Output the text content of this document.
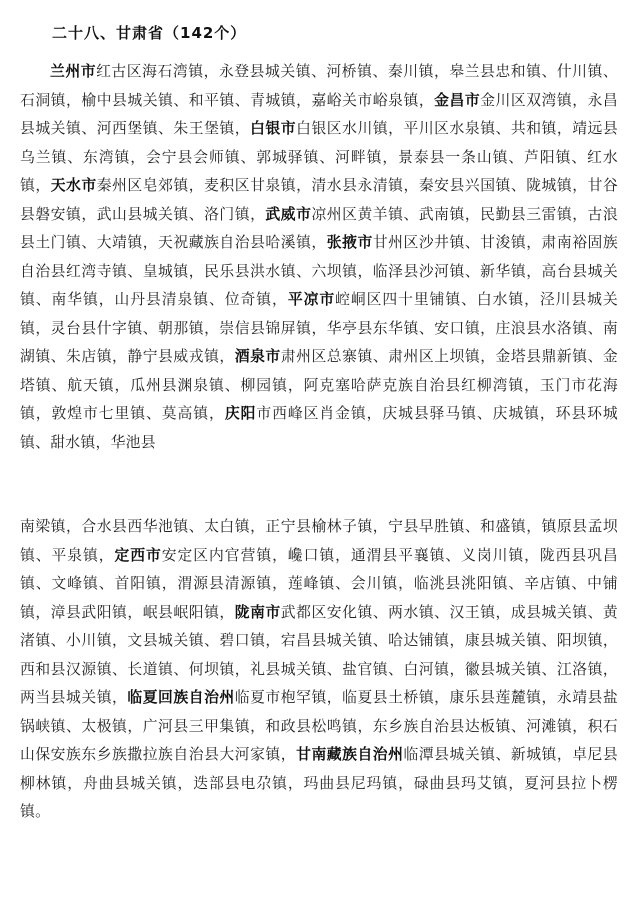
二十八、甘肃省（142个）

兰州市红古区海石湾镇，永登县城关镇、河桥镇、秦川镇，皋兰县忠和镇、什川镇、石洞镇，榆中县城关镇、和平镇、青城镇，嘉峪关市峪泉镇，金昌市金川区双湾镇，永昌县城关镇、河西堡镇、朱王堡镇，白银市白银区水川镇，平川区水泉镇、共和镇，靖远县乌兰镇、东湾镇，会宁县会师镇、郭城驿镇、河畔镇，景泰县一条山镇、芦阳镇、红水镇，天水市秦州区皂郊镇，麦积区甘泉镇，清水县永清镇，秦安县兴国镇、陇城镇，甘谷县磐安镇，武山县城关镇、洛门镇，武威市凉州区黄羊镇、武南镇，民勤县三雷镇，古浪县土门镇、大靖镇，天祝藏族自治县哈溪镇，张掖市甘州区沙井镇、甘浚镇，肃南裕固族自治县红湾寺镇、皇城镇，民乐县洪水镇、六坝镇，临泽县沙河镇、新华镇，高台县城关镇、南华镇，山丹县清泉镇、位奇镇，平凉市崆峒区四十里铺镇、白水镇，泾川县城关镇，灵台县什字镇、朝那镇，崇信县锦屏镇，华亭县东华镇、安口镇，庄浪县水洛镇、南湖镇、朱店镇，静宁县威戎镇，酒泉市肃州区总寨镇、肃州区上坝镇，金塔县鼎新镇、金塔镇、航天镇，瓜州县渊泉镇、柳园镇，阿克塞哈萨克族自治县红柳湾镇，玉门市花海镇，敦煌市七里镇、莫高镇，庆阳市西峰区肖金镇，庆城县驿马镇、庆城镇，环县环城镇、甜水镇，华池县

南梁镇，合水县西华池镇、太白镇，正宁县榆林子镇，宁县早胜镇、和盛镇，镇原县孟坝镇、平泉镇，定西市安定区内官营镇，巉口镇，通渭县平襄镇、义岗川镇，陇西县巩昌镇、文峰镇、首阳镇，渭源县清源镇，莲峰镇、会川镇，临洮县洮阳镇、辛店镇、中铺镇，漳县武阳镇，岷县岷阳镇，陇南市武都区安化镇、两水镇、汉王镇，成县城关镇、黄渚镇、小川镇，文县城关镇、碧口镇，宕昌县城关镇、哈达铺镇，康县城关镇、阳坝镇，西和县汉源镇、长道镇、何坝镇，礼县城关镇、盐官镇、白河镇，徽县城关镇、江洛镇，两当县城关镇，临夏回族自治州临夏市枹罕镇，临夏县土桥镇，康乐县莲麓镇，永靖县盐锅峡镇、太极镇，广河县三甲集镇，和政县松鸣镇，东乡族自治县达板镇、河滩镇，积石山保安族东乡族撒拉族自治县大河家镇，甘南藏族自治州临潭县城关镇、新城镇，卓尼县柳林镇，舟曲县城关镇，迭部县电尕镇，玛曲县尼玛镇，碌曲县玛艾镇，夏河县拉卜楞镇。
